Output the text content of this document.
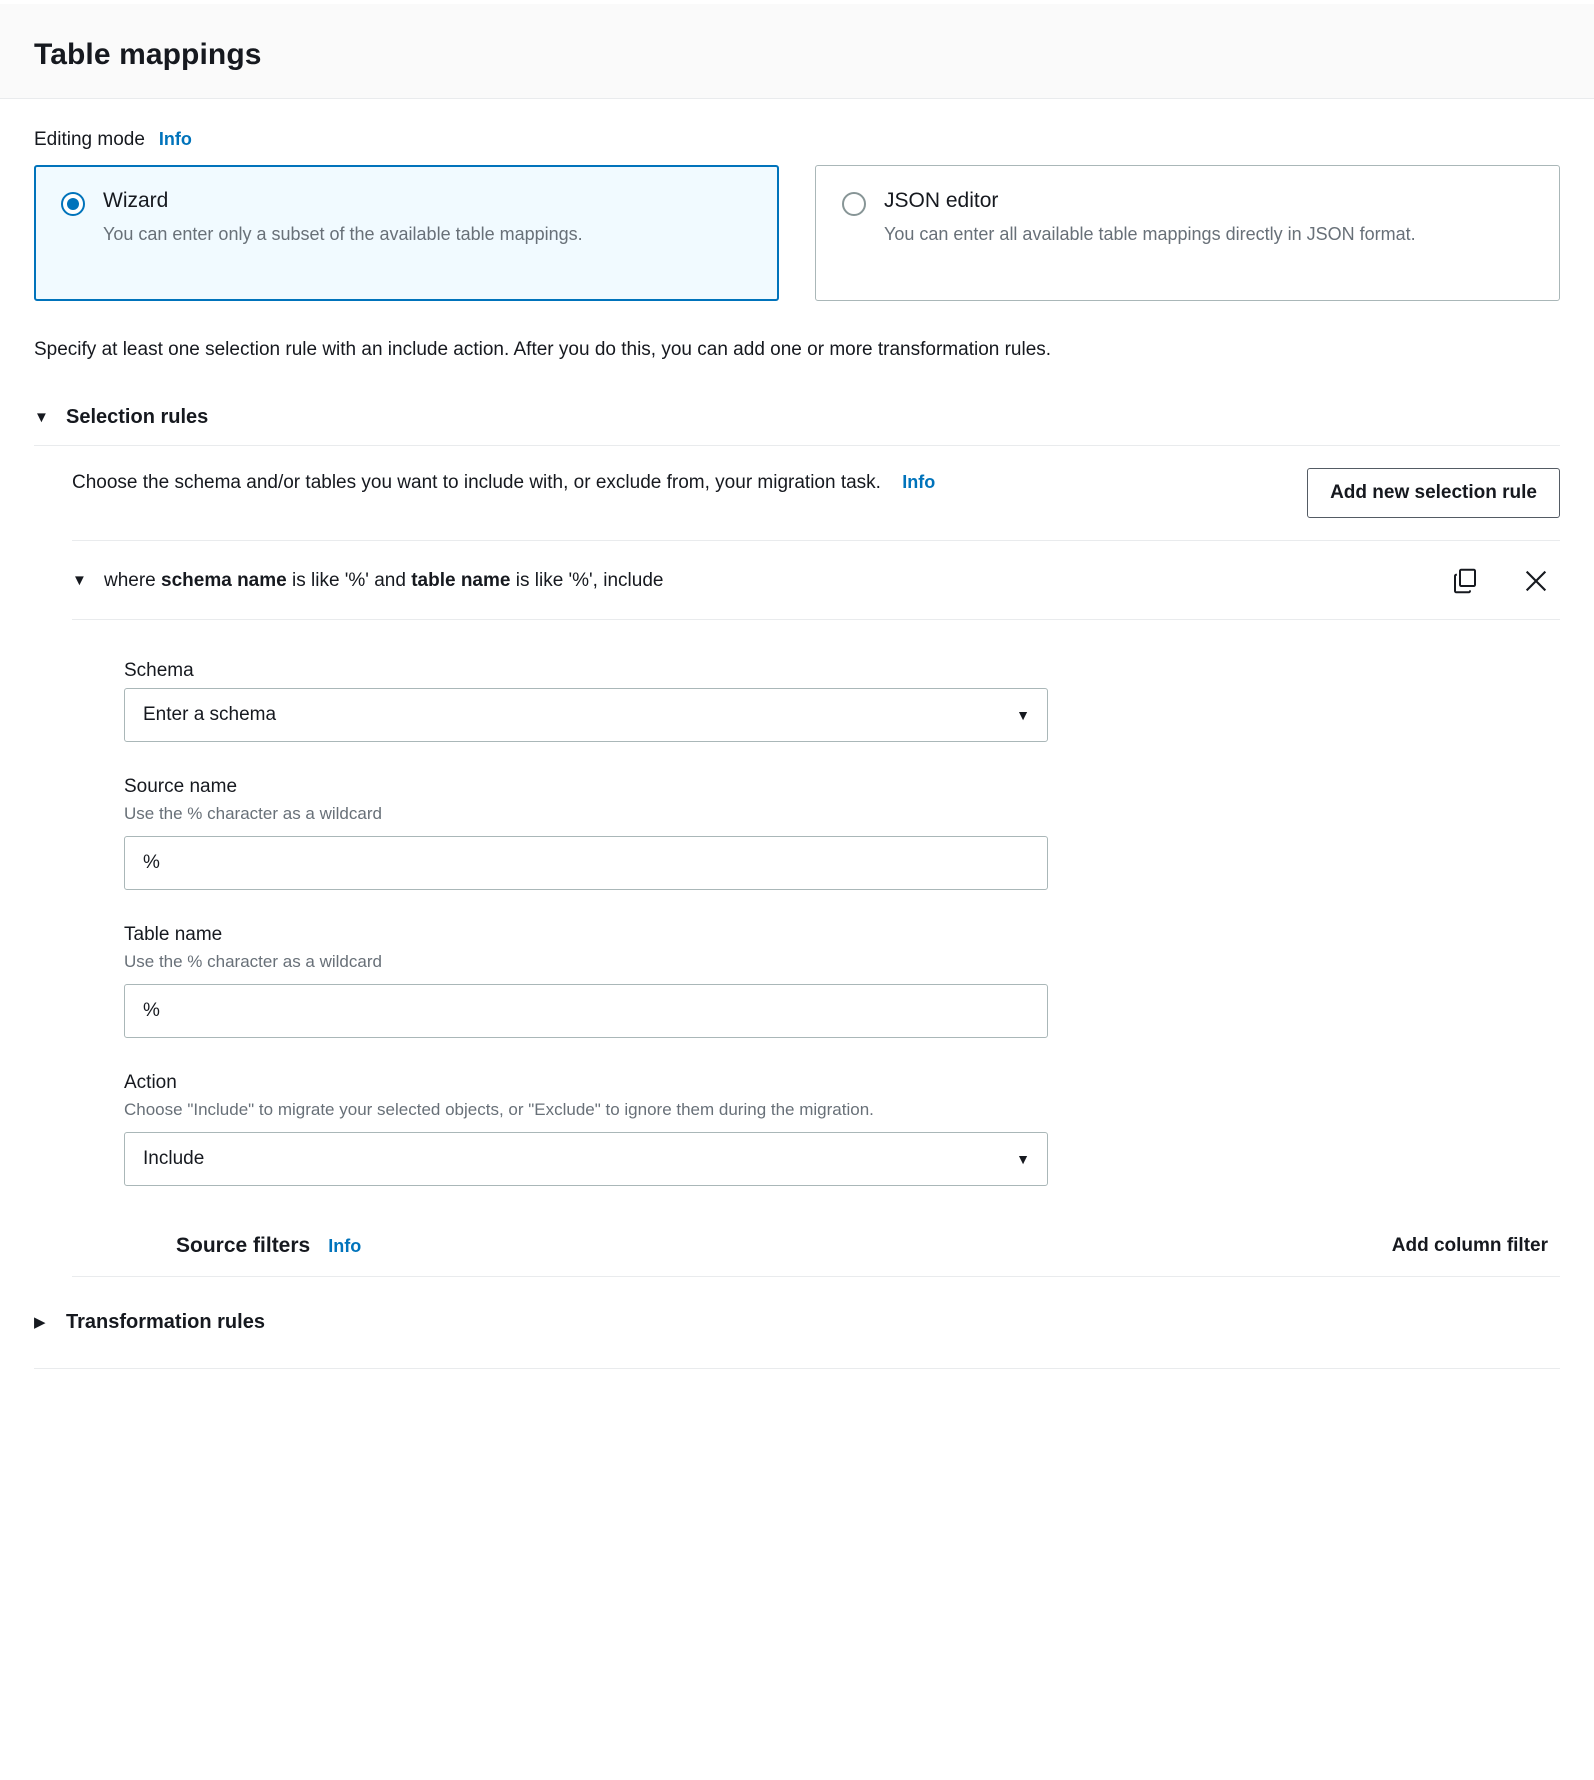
Table mappings
Editing mode Info
Wizard
You can enter only a subset of the available table mappings.
JSON editor
You can enter all available table mappings directly in JSON format.
Specify at least one selection rule with an include action. After you do this, you can add one or more transformation rules.
▼ Selection rules
Choose the schema and/or tables you want to include with, or exclude from, your migration task. Info	Add new selection rule
▼ where schema name is like '%' and table name is like '%', include
Schema
Enter a schema
▼
Source name
Use the % character as a wildcard
%
Table name
Use the % character as a wildcard
%
Action
Choose "Include" to migrate your selected objects, or "Exclude" to ignore them during the migration.
Include
▼
Source filters Info	Add column filter
▶ Transformation rules
